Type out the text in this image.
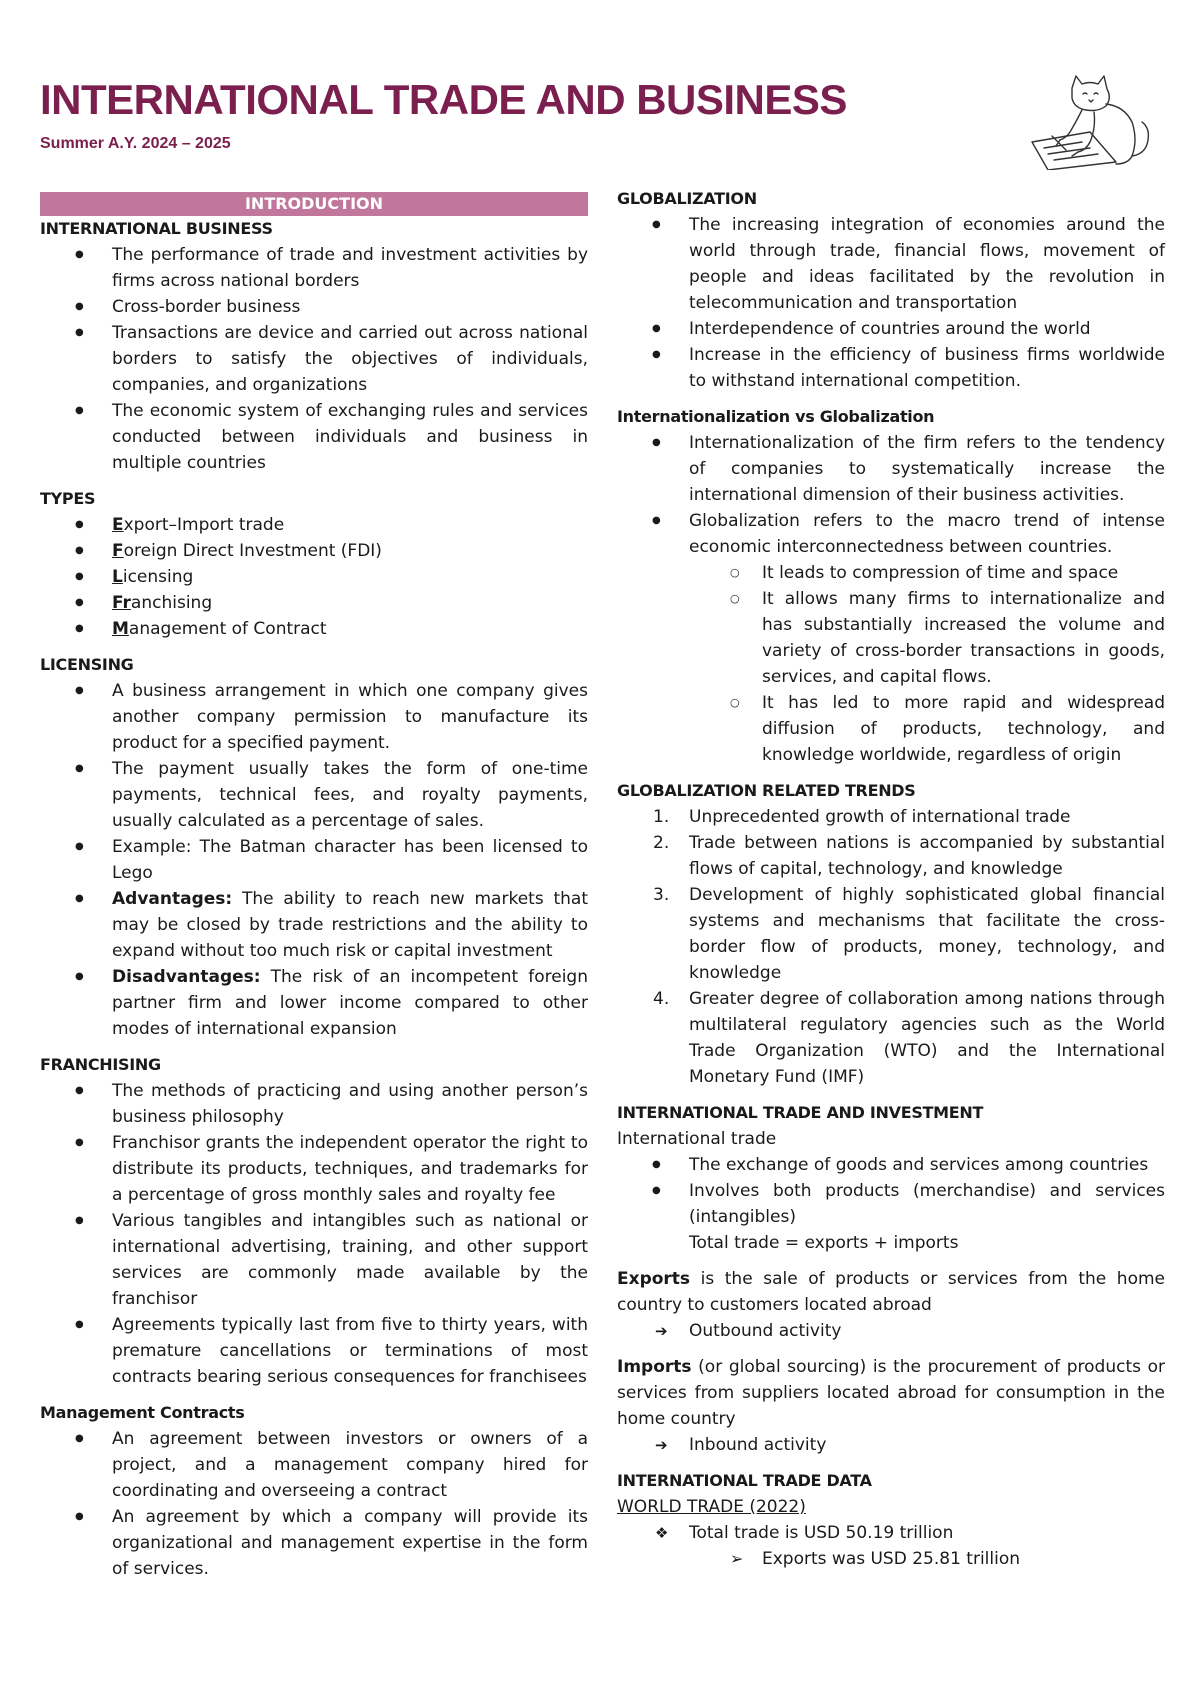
INTERNATIONAL TRADE AND BUSINESS
Summer A.Y. 2024 – 2025
INTRODUCTION
INTERNATIONAL BUSINESS
● The performance of trade and investment activities by firms across national borders
● Cross-border business
● Transactions are device and carried out across national borders to satisfy the objectives of individuals, companies, and organizations
● The economic system of exchanging rules and services conducted between individuals and business in multiple countries
TYPES
● Export–Import trade
● Foreign Direct Investment (FDI)
● Licensing
● Franchising
● Management of Contract
LICENSING
● A business arrangement in which one company gives another company permission to manufacture its product for a specified payment.
● The payment usually takes the form of one-time payments, technical fees, and royalty payments, usually calculated as a percentage of sales.
● Example: The Batman character has been licensed to Lego
● Advantages: The ability to reach new markets that may be closed by trade restrictions and the ability to expand without too much risk or capital investment
● Disadvantages: The risk of an incompetent foreign partner firm and lower income compared to other modes of international expansion
FRANCHISING
● The methods of practicing and using another person’s business philosophy
● Franchisor grants the independent operator the right to distribute its products, techniques, and trademarks for a percentage of gross monthly sales and royalty fee
● Various tangibles and intangibles such as national or international advertising, training, and other support services are commonly made available by the franchisor
● Agreements typically last from five to thirty years, with premature cancellations or terminations of most contracts bearing serious consequences for franchisees
Management Contracts
● An agreement between investors or owners of a project, and a management company hired for coordinating and overseeing a contract
● An agreement by which a company will provide its organizational and management expertise in the form of services.
GLOBALIZATION
● The increasing integration of economies around the world through trade, financial flows, movement of people and ideas facilitated by the revolution in telecommunication and transportation
● Interdependence of countries around the world
● Increase in the efficiency of business firms worldwide to withstand international competition.
Internationalization vs Globalization
● Internationalization of the firm refers to the tendency of companies to systematically increase the international dimension of their business activities.
● Globalization refers to the macro trend of intense economic interconnectedness between countries.
○ It leads to compression of time and space
○ It allows many firms to internationalize and has substantially increased the volume and variety of cross-border transactions in goods, services, and capital flows.
○ It has led to more rapid and widespread diffusion of products, technology, and knowledge worldwide, regardless of origin
GLOBALIZATION RELATED TRENDS
1. Unprecedented growth of international trade
2. Trade between nations is accompanied by substantial flows of capital, technology, and knowledge
3. Development of highly sophisticated global financial systems and mechanisms that facilitate the cross-border flow of products, money, technology, and knowledge
4. Greater degree of collaboration among nations through multilateral regulatory agencies such as the World Trade Organization (WTO) and the International Monetary Fund (IMF)
INTERNATIONAL TRADE AND INVESTMENT
International trade
● The exchange of goods and services among countries
● Involves both products (merchandise) and services (intangibles)
Total trade = exports + imports
Exports is the sale of products or services from the home country to customers located abroad
➔ Outbound activity
Imports (or global sourcing) is the procurement of products or services from suppliers located abroad for consumption in the home country
➔ Inbound activity
INTERNATIONAL TRADE DATA
WORLD TRADE (2022)
❖ Total trade is USD 50.19 trillion
➢ Exports was USD 25.81 trillion
